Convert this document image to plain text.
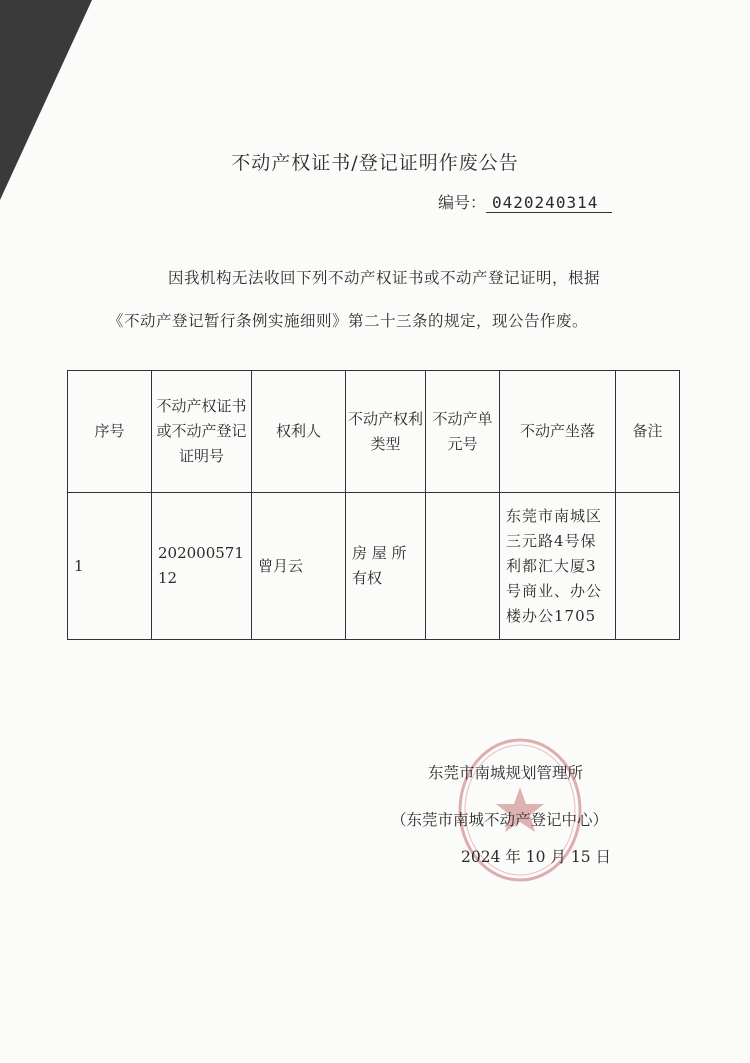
不动产权证书/登记证明作废公告
编号： 0420240314
因我机构无法收回下列不动产权证书或不动产登记证明，根据
《不动产登记暂行条例实施细则》第二十三条的规定，现公告作废。
序号	不动产权证书或不动产登记证明号	权利人	不动产权利类型	不动产单元号	不动产坐落	备注
1	202000571 12	曾月云	房 屋 所 有权		东莞市南城区三元路4号保利都汇大厦3号商业、办公楼办公1705	
东莞市南城规划管理所
（东莞市南城不动产登记中心）
2024 年 10 月 15 日
